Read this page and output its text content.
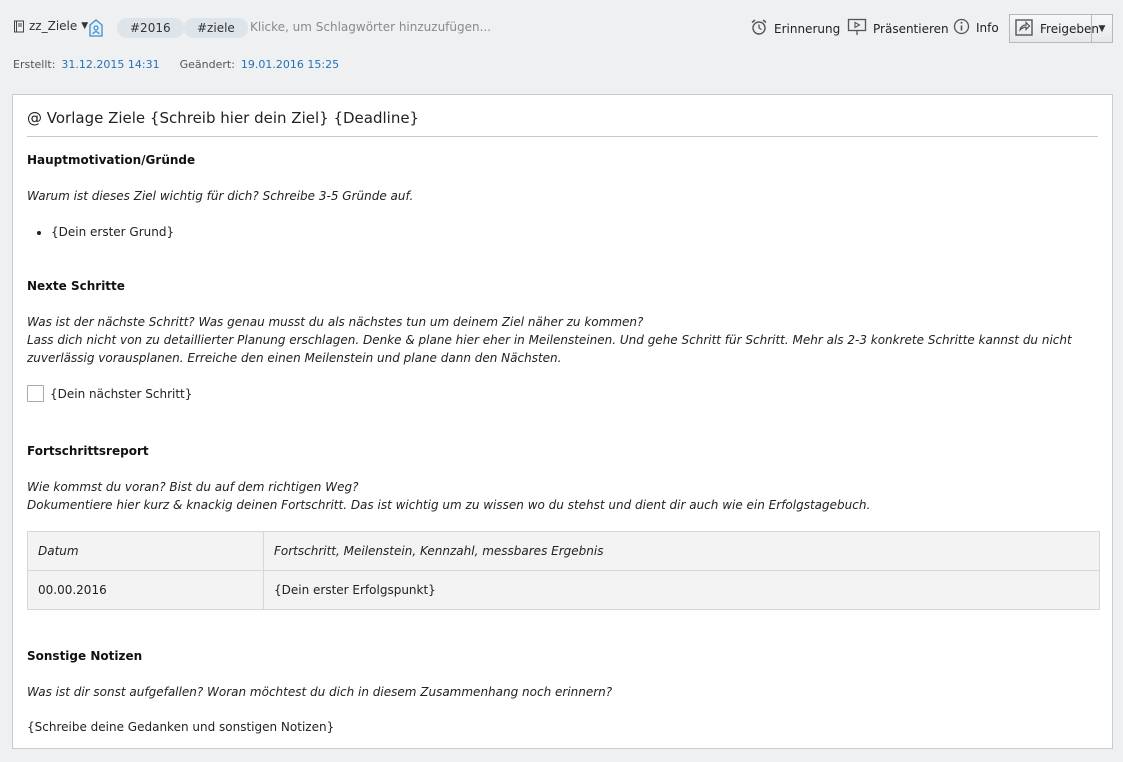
zz_Ziele ▼	#2016	#ziele
Klicke, um Schlagwörter hinzuzufügen...	Erinnerung	Präsentieren Info	Freigeben ▼
Erstellt: 31.12.2015 14:31 Geändert: 19.01.2016 15:25
@ Vorlage Ziele {Schreib hier dein Ziel} {Deadline}
Hauptmotivation/Gründe
Warum ist dieses Ziel wichtig für dich? Schreibe 3-5 Gründe auf.
• {Dein erster Grund}
Nexte Schritte
Was ist der nächste Schritt? Was genau musst du als nächstes tun um deinem Ziel näher zu kommen?
Lass dich nicht von zu detaillierter Planung erschlagen. Denke & plane hier eher in Meilensteinen. Und gehe Schritt für Schritt. Mehr als 2-3 konkrete Schritte kannst du nicht zuverlässig vorausplanen. Erreiche den einen Meilenstein und plane dann den Nächsten.
{Dein nächster Schritt}
Fortschrittsreport
Wie kommst du voran? Bist du auf dem richtigen Weg?
Dokumentiere hier kurz & knackig deinen Fortschritt. Das ist wichtig um zu wissen wo du stehst und dient dir auch wie ein Erfolgstagebuch.
Datum	Fortschritt, Meilenstein, Kennzahl, messbares Ergebnis
00.00.2016	{Dein erster Erfolgspunkt}
Sonstige Notizen
Was ist dir sonst aufgefallen? Woran möchtest du dich in diesem Zusammenhang noch erinnern?
{Schreibe deine Gedanken und sonstigen Notizen}
